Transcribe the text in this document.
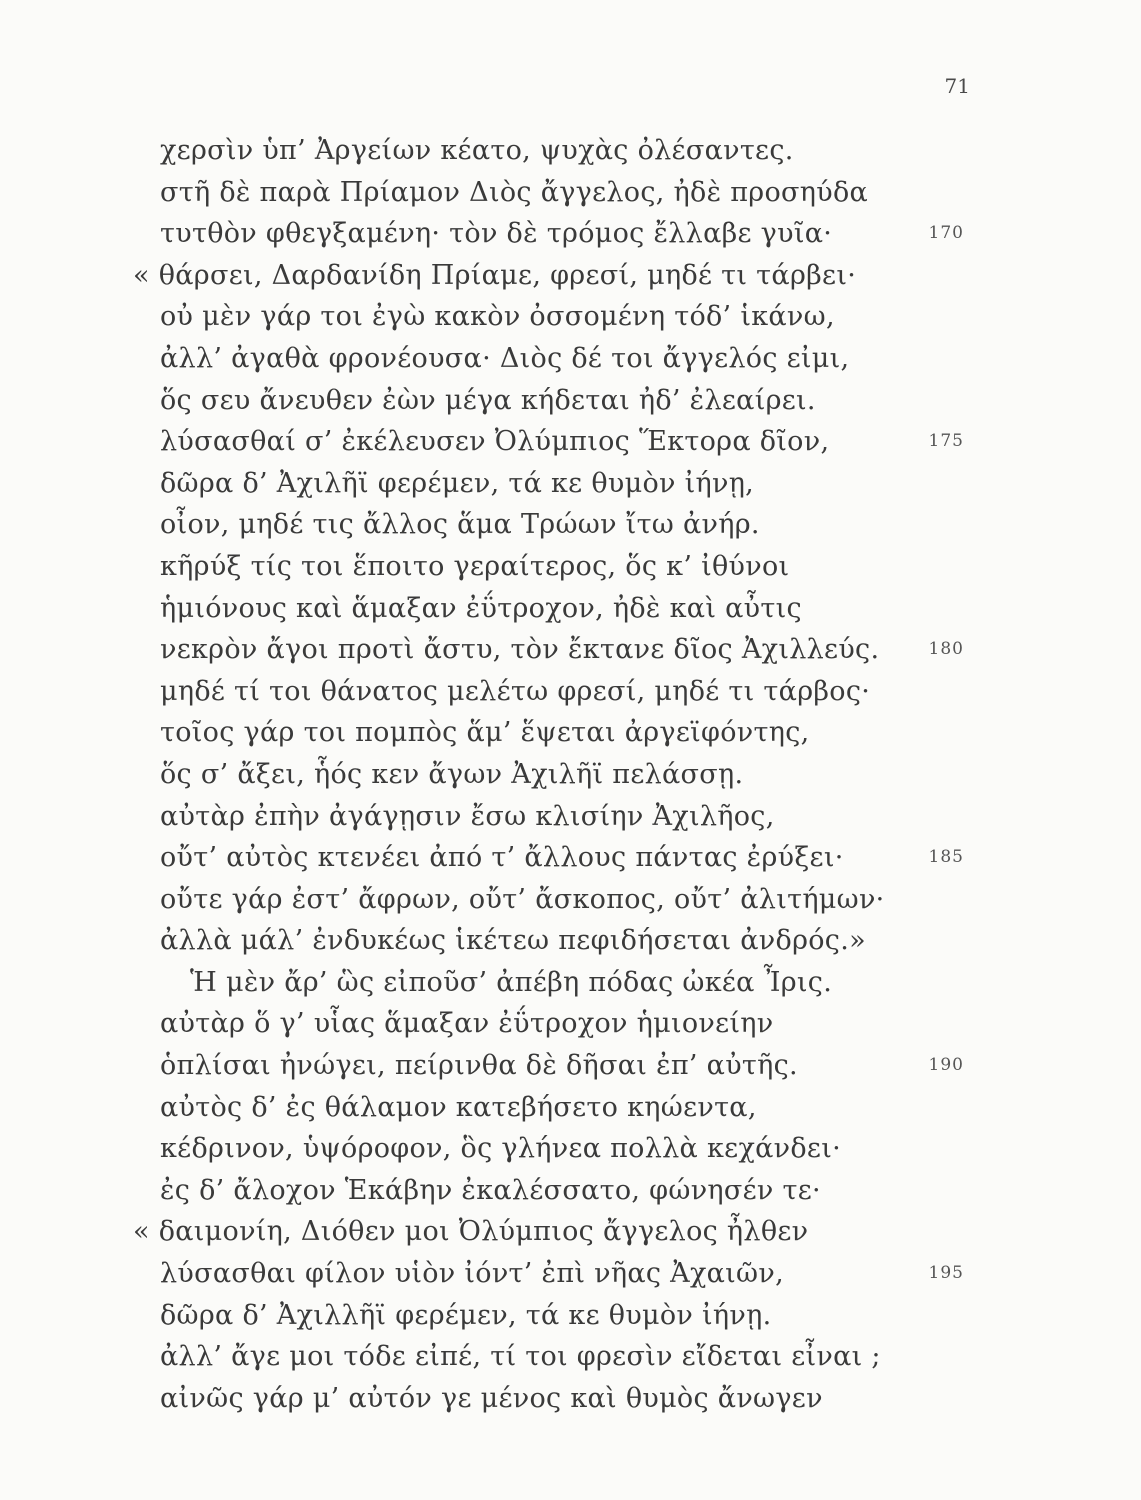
71
χερσὶν ὑπ’ Ἀργείων κέατο, ψυχὰς ὀλέσαντες.
στῆ δὲ παρὰ Πρίαμον Διὸς ἄγγελος, ἠδὲ προσηύδα
τυτθὸν φθεγξαμένη· τὸν δὲ τρόμος ἔλλαβε γυῖα·	170
« θάρσει, Δαρδανίδη Πρίαμε, φρεσί, μηδέ τι τάρβει·
οὐ μὲν γάρ τοι ἐγὼ κακὸν ὀσσομένη τόδ’ ἱκάνω,
ἀλλ’ ἀγαθὰ φρονέουσα· Διὸς δέ τοι ἄγγελός εἰμι,
ὅς σευ ἄνευθεν ἐὼν μέγα κήδεται ἠδ’ ἐλεαίρει.
λύσασθαί σ’ ἐκέλευσεν Ὀλύμπιος Ἕκτορα δῖον,	175
δῶρα δ’ Ἀχιλῆϊ φερέμεν, τά κε θυμὸν ἰήνῃ,
οἶον, μηδέ τις ἄλλος ἅμα Τρώων ἴτω ἀνήρ.
κῆρύξ τίς τοι ἕποιτο γεραίτερος, ὅς κ’ ἰθύνοι
ἡμιόνους καὶ ἅμαξαν ἐΰτροχον, ἠδὲ καὶ αὖτις
νεκρὸν ἄγοι προτὶ ἄστυ, τὸν ἔκτανε δῖος Ἀχιλλεύς.	180
μηδέ τί τοι θάνατος μελέτω φρεσί, μηδέ τι τάρβος·
τοῖος γάρ τοι πομπὸς ἅμ’ ἕψεται ἀργεϊφόντης,
ὅς σ’ ἄξει, ἧός κεν ἄγων Ἀχιλῆϊ πελάσσῃ.
αὐτὰρ ἐπὴν ἀγάγῃσιν ἔσω κλισίην Ἀχιλῆος,
οὔτ’ αὐτὸς κτενέει ἀπό τ’ ἄλλους πάντας ἐρύξει·	185
οὔτε γάρ ἐστ’ ἄφρων, οὔτ’ ἄσκοπος, οὔτ’ ἀλιτήμων·
ἀλλὰ μάλ’ ἐνδυκέως ἱκέτεω πεφιδήσεται ἀνδρός.»
Ἡ μὲν ἄρ’ ὣς εἰποῦσ’ ἀπέβη πόδας ὠκέα Ἶρις.
αὐτὰρ ὅ γ’ υἷας ἅμαξαν ἐΰτροχον ἡμιονείην
ὁπλίσαι ἠνώγει, πείρινθα δὲ δῆσαι ἐπ’ αὐτῆς.	190
αὐτὸς δ’ ἐς θάλαμον κατεβήσετο κηώεντα,
κέδρινον, ὑψόροφον, ὃς γλήνεα πολλὰ κεχάνδει·
ἐς δ’ ἄλοχον Ἑκάβην ἐκαλέσσατο, φώνησέν τε·
« δαιμονίη, Διόθεν μοι Ὀλύμπιος ἄγγελος ἦλθεν
λύσασθαι φίλον υἱὸν ἰόντ’ ἐπὶ νῆας Ἀχαιῶν,	195
δῶρα δ’ Ἀχιλλῆϊ φερέμεν, τά κε θυμὸν ἰήνῃ.
ἀλλ’ ἄγε μοι τόδε εἰπέ, τί τοι φρεσὶν εἴδεται εἶναι ;
αἰνῶς γάρ μ’ αὐτόν γε μένος καὶ θυμὸς ἄνωγεν
